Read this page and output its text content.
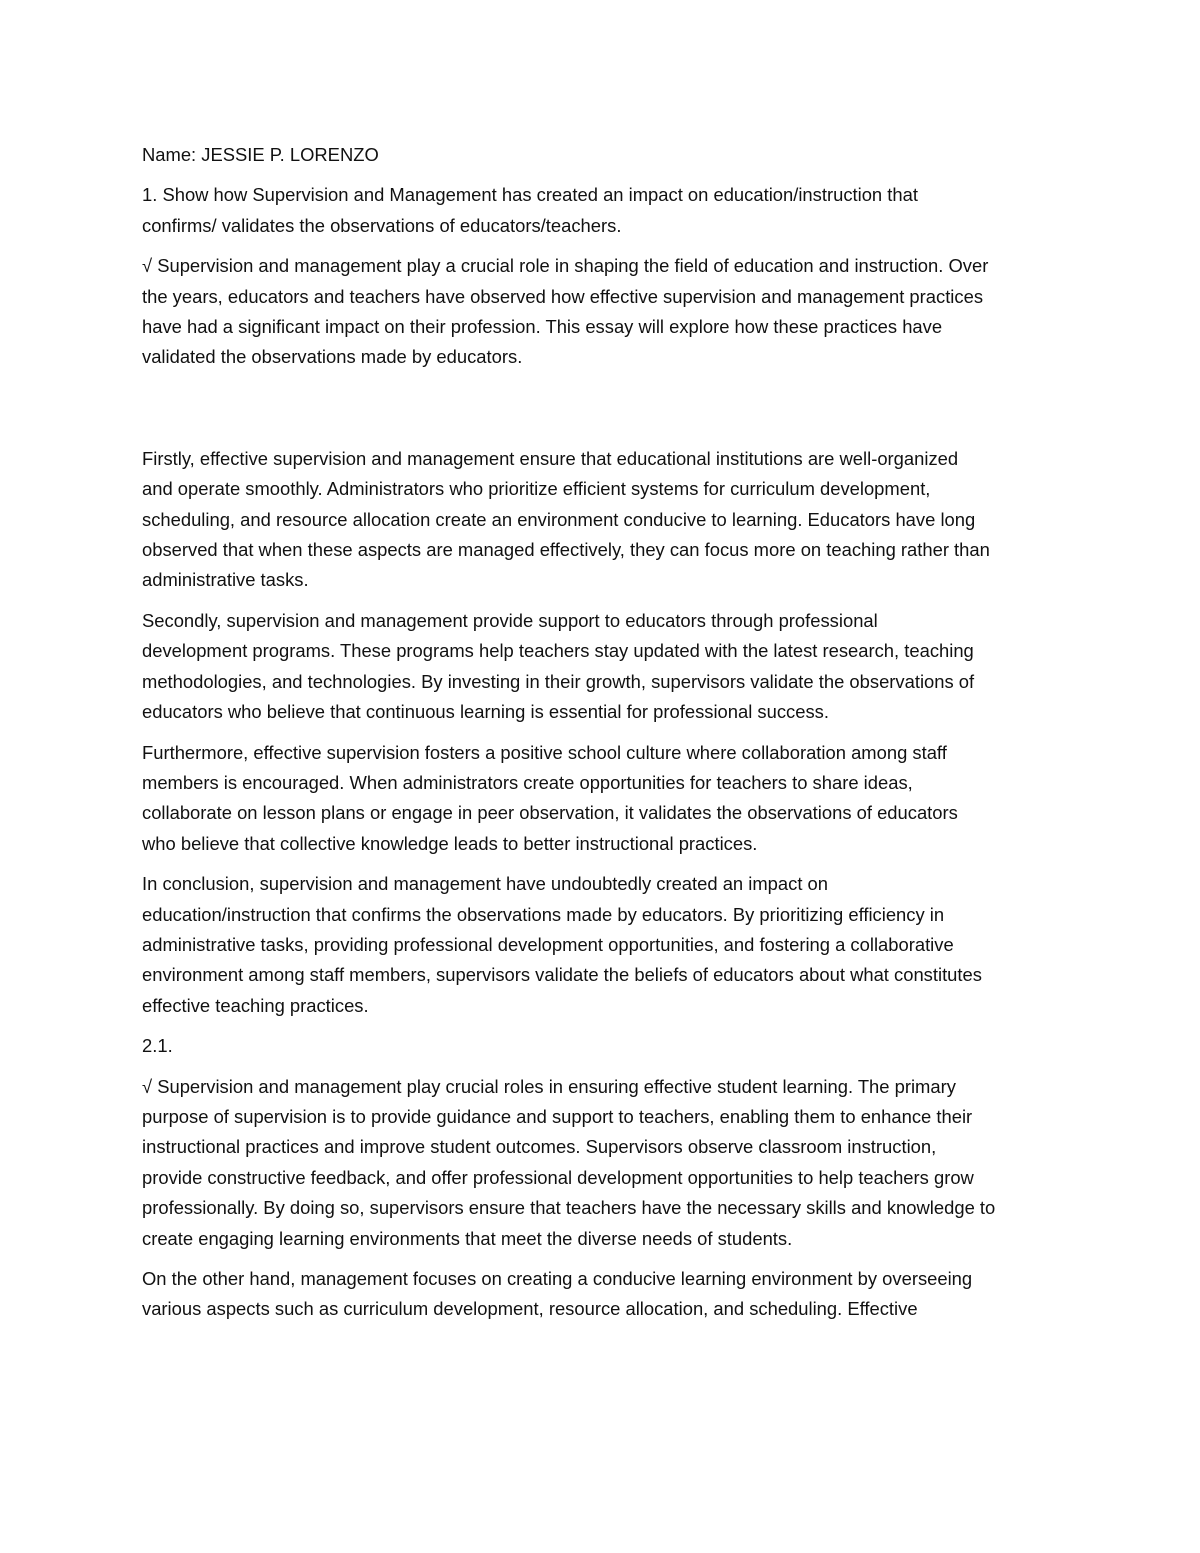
Name: JESSIE P. LORENZO

1. Show how Supervision and Management has created an impact on education/instruction that
confirms/ validates the observations of educators/teachers.

√ Supervision and management play a crucial role in shaping the field of education and instruction. Over
the years, educators and teachers have observed how effective supervision and management practices
have had a significant impact on their profession. This essay will explore how these practices have
validated the observations made by educators.

Firstly, effective supervision and management ensure that educational institutions are well-organized
and operate smoothly. Administrators who prioritize efficient systems for curriculum development,
scheduling, and resource allocation create an environment conducive to learning. Educators have long
observed that when these aspects are managed effectively, they can focus more on teaching rather than
administrative tasks.

Secondly, supervision and management provide support to educators through professional
development programs. These programs help teachers stay updated with the latest research, teaching
methodologies, and technologies. By investing in their growth, supervisors validate the observations of
educators who believe that continuous learning is essential for professional success.

Furthermore, effective supervision fosters a positive school culture where collaboration among staff
members is encouraged. When administrators create opportunities for teachers to share ideas,
collaborate on lesson plans or engage in peer observation, it validates the observations of educators
who believe that collective knowledge leads to better instructional practices.

In conclusion, supervision and management have undoubtedly created an impact on
education/instruction that confirms the observations made by educators. By prioritizing efficiency in
administrative tasks, providing professional development opportunities, and fostering a collaborative
environment among staff members, supervisors validate the beliefs of educators about what constitutes
effective teaching practices.

2.1.

√ Supervision and management play crucial roles in ensuring effective student learning. The primary
purpose of supervision is to provide guidance and support to teachers, enabling them to enhance their
instructional practices and improve student outcomes. Supervisors observe classroom instruction,
provide constructive feedback, and offer professional development opportunities to help teachers grow
professionally. By doing so, supervisors ensure that teachers have the necessary skills and knowledge to
create engaging learning environments that meet the diverse needs of students.

On the other hand, management focuses on creating a conducive learning environment by overseeing
various aspects such as curriculum development, resource allocation, and scheduling. Effective
